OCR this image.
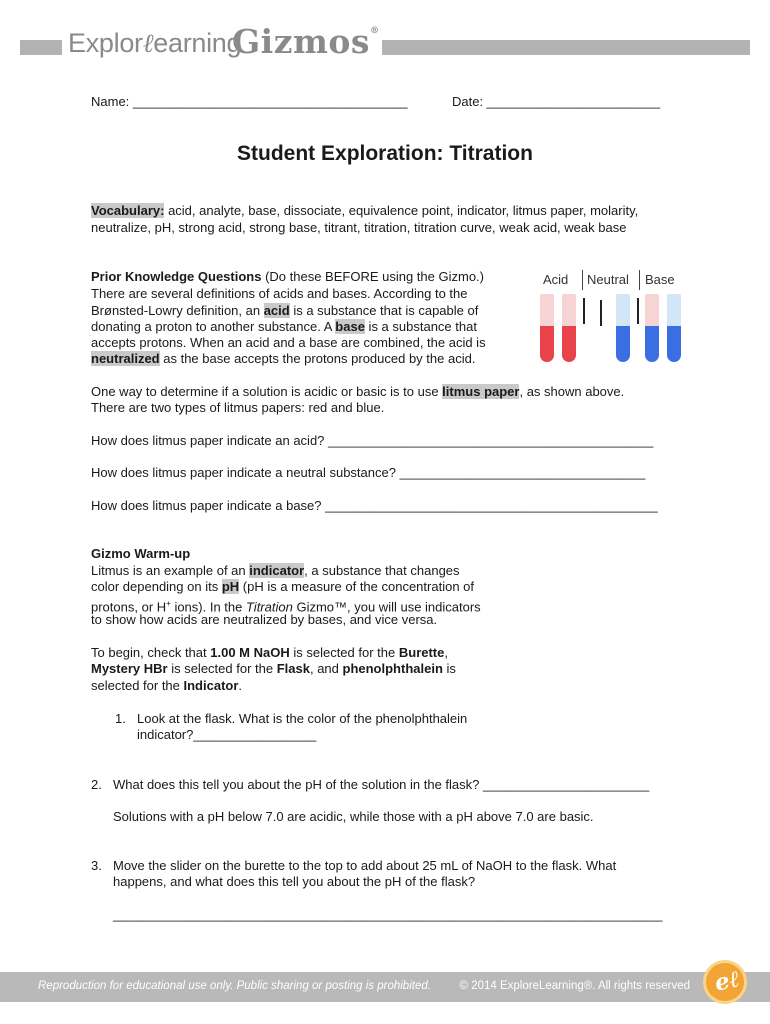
Explorℓearning
Gizmos®
Name: ______________________________________	Date: ________________________
Student Exploration: Titration
Vocabulary: acid, analyte, base, dissociate, equivalence point, indicator, litmus paper, molarity,
neutralize, pH, strong acid, strong base, titrant, titration, titration curve, weak acid, weak base
Prior Knowledge Questions (Do these BEFORE using the Gizmo.)
There are several definitions of acids and bases. According to the
Brønsted-Lowry definition, an acid is a substance that is capable of
donating a proton to another substance. A base is a substance that
accepts protons. When an acid and a base are combined, the acid is
neutralized as the base accepts the protons produced by the acid.
Acid Neutral Base
One way to determine if a solution is acidic or basic is to use litmus paper, as shown above.
There are two types of litmus papers: red and blue.
How does litmus paper indicate an acid? _____________________________________________
How does litmus paper indicate a neutral substance? __________________________________
How does litmus paper indicate a base? ______________________________________________
Gizmo Warm-up
Litmus is an example of an indicator, a substance that changes
color depending on its pH (pH is a measure of the concentration of
protons, or H+ ions). In the Titration Gizmo™, you will use indicators
to show how acids are neutralized by bases, and vice versa.
To begin, check that 1.00 M NaOH is selected for the Burette,
Mystery HBr is selected for the Flask, and phenolphthalein is
selected for the Indicator.
1. Look at the flask. What is the color of the phenolphthalein
indicator?_________________
2. What does this tell you about the pH of the solution in the flask? _______________________
Solutions with a pH below 7.0 are acidic, while those with a pH above 7.0 are basic.
3. Move the slider on the burette to the top to add about 25 mL of NaOH to the flask. What
happens, and what does this tell you about the pH of the flask?
____________________________________________________________________________
Reproduction for educational use only. Public sharing or posting is prohibited. © 2014 ExploreLearning®. All rights reserved eℓ
